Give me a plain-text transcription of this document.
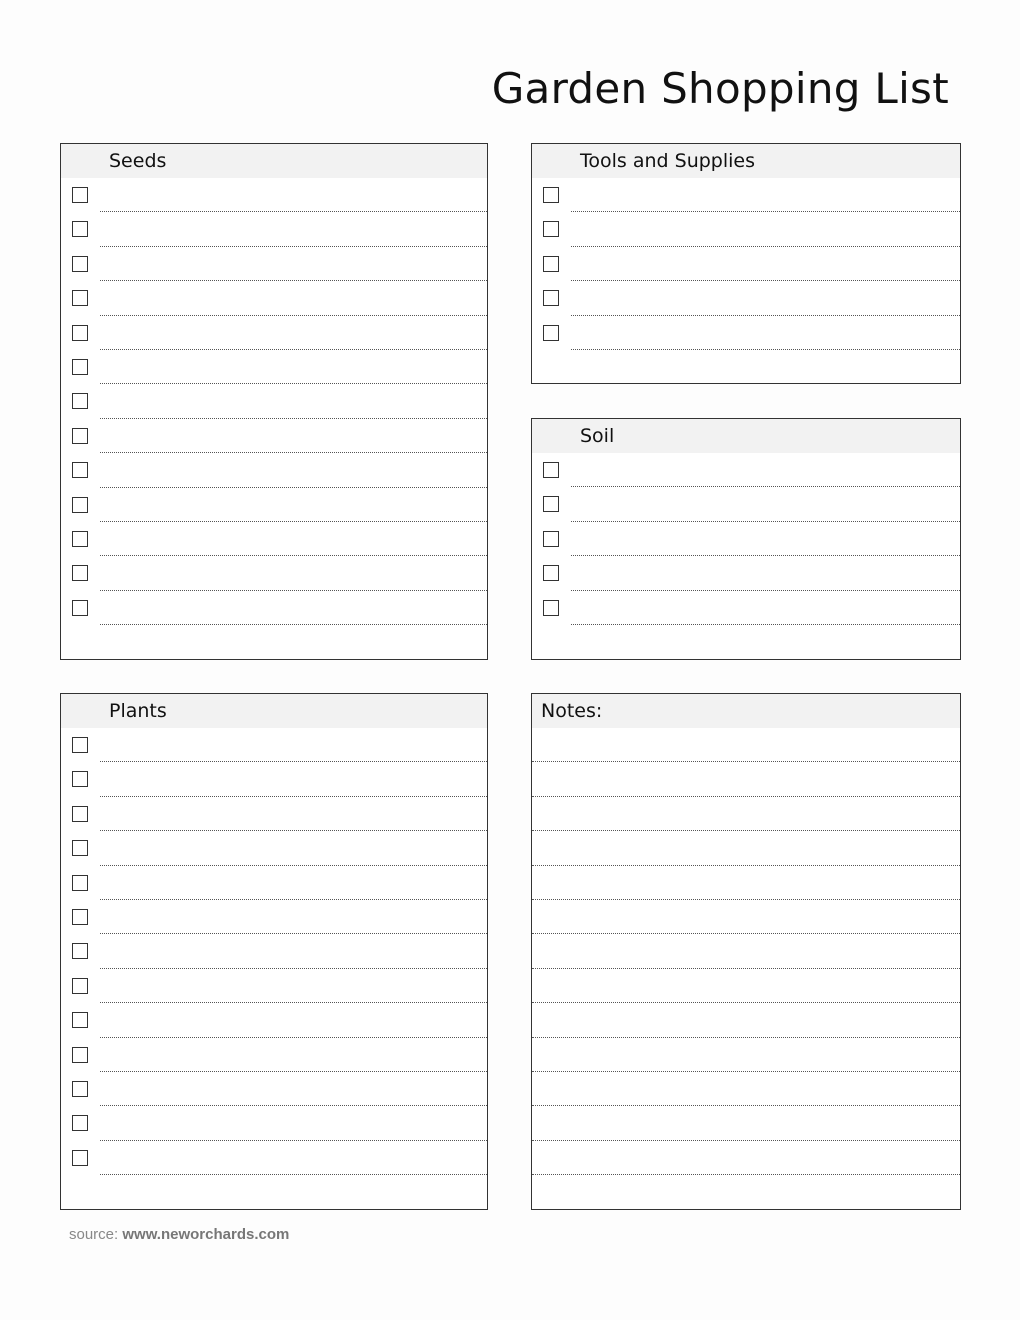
Garden Shopping List
Seeds	Tools and Supplies
Soil
Plants	Notes:
source: www.neworchards.com
